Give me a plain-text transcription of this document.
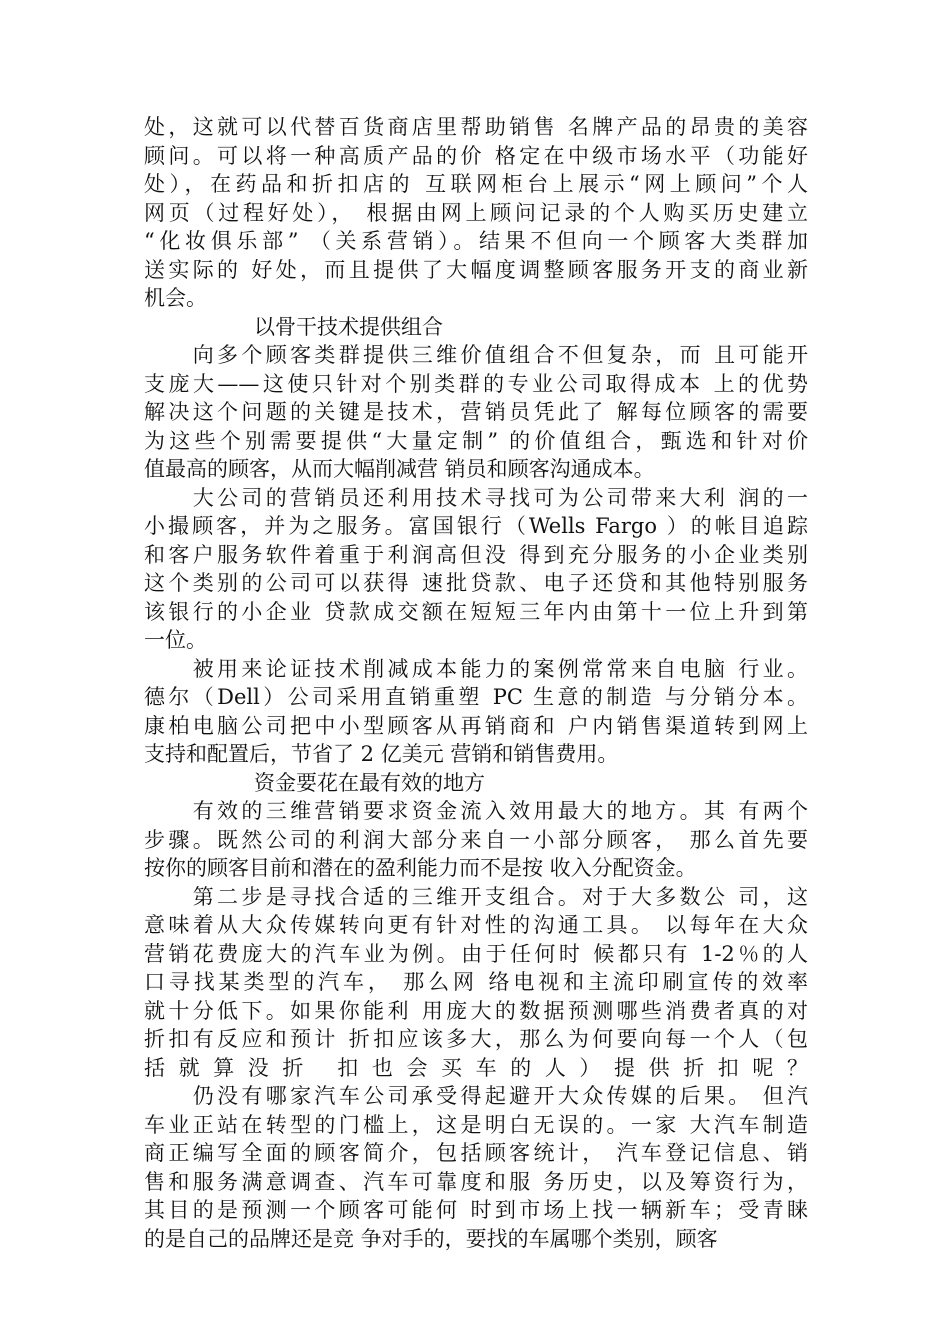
处，这就可以代替百货商店里帮助销售 名牌产品的昂贵的美容
顾问。可以将一种高质产品的价 格定在中级市场水平（功能好
处），在药品和折扣店的 互联网柜台上展示“网上顾问”个人
网页（过程好处）， 根据由网上顾问记录的个人购买历史建立
“化妆俱乐部” （关系营销）。结果不但向一个顾客大类群加
送实际的 好处，而且提供了大幅度调整顾客服务开支的商业新
机会。
以骨干技术提供组合
　　向多个顾客类群提供三维价值组合不但复杂，而 且可能开
支庞大——这使只针对个别类群的专业公司取得成本 上的优势
解决这个问题的关键是技术，营销员凭此了 解每位顾客的需要
为这些个别需要提供“大量定制” 的价值组合，甄选和针对价
值最高的顾客，从而大幅削减营 销员和顾客沟通成本。
　　大公司的营销员还利用技术寻找可为公司带来大利 润的一
小撮顾客，并为之服务。富国银行（Wells Fargo ）的帐目追踪
和客户服务软件着重于利润高但没 得到充分服务的小企业类别
这个类别的公司可以获得 速批贷款、电子还贷和其他特别服务
该银行的小企业 贷款成交额在短短三年内由第十一位上升到第
一位。
　　被用来论证技术削减成本能力的案例常常来自电脑 行业。
德尔（Dell）公司采用直销重塑 PC 生意的制造 与分销分本。
康柏电脑公司把中小型顾客从再销商和 户内销售渠道转到网上
支持和配置后，节省了 2 亿美元 营销和销售费用。
资金要花在最有效的地方
　　有效的三维营销要求资金流入效用最大的地方。其 有两个
步骤。既然公司的利润大部分来自一小部分顾客， 那么首先要
按你的顾客目前和潜在的盈利能力而不是按 收入分配资金。
　　第二步是寻找合适的三维开支组合。对于大多数公 司，这
意味着从大众传媒转向更有针对性的沟通工具。 以每年在大众
营销花费庞大的汽车业为例。由于任何时 候都只有 1-2％的人
口寻找某类型的汽车， 那么网 络电视和主流印刷宣传的效率
就十分低下。如果你能利 用庞大的数据预测哪些消费者真的对
折扣有反应和预计 折扣应该多大，那么为何要向每一个人（包
括就算没折 扣也会买车的人）提供折扣呢？
　　仍没有哪家汽车公司承受得起避开大众传媒的后果。 但汽
车业正站在转型的门槛上，这是明白无误的。一家 大汽车制造
商正编写全面的顾客简介，包括顾客统计， 汽车登记信息、销
售和服务满意调查、汽车可靠度和服 务历史，以及筹资行为，
其目的是预测一个顾客可能何 时到市场上找一辆新车；受青睐
的是自己的品牌还是竞 争对手的，要找的车属哪个类别，顾客
